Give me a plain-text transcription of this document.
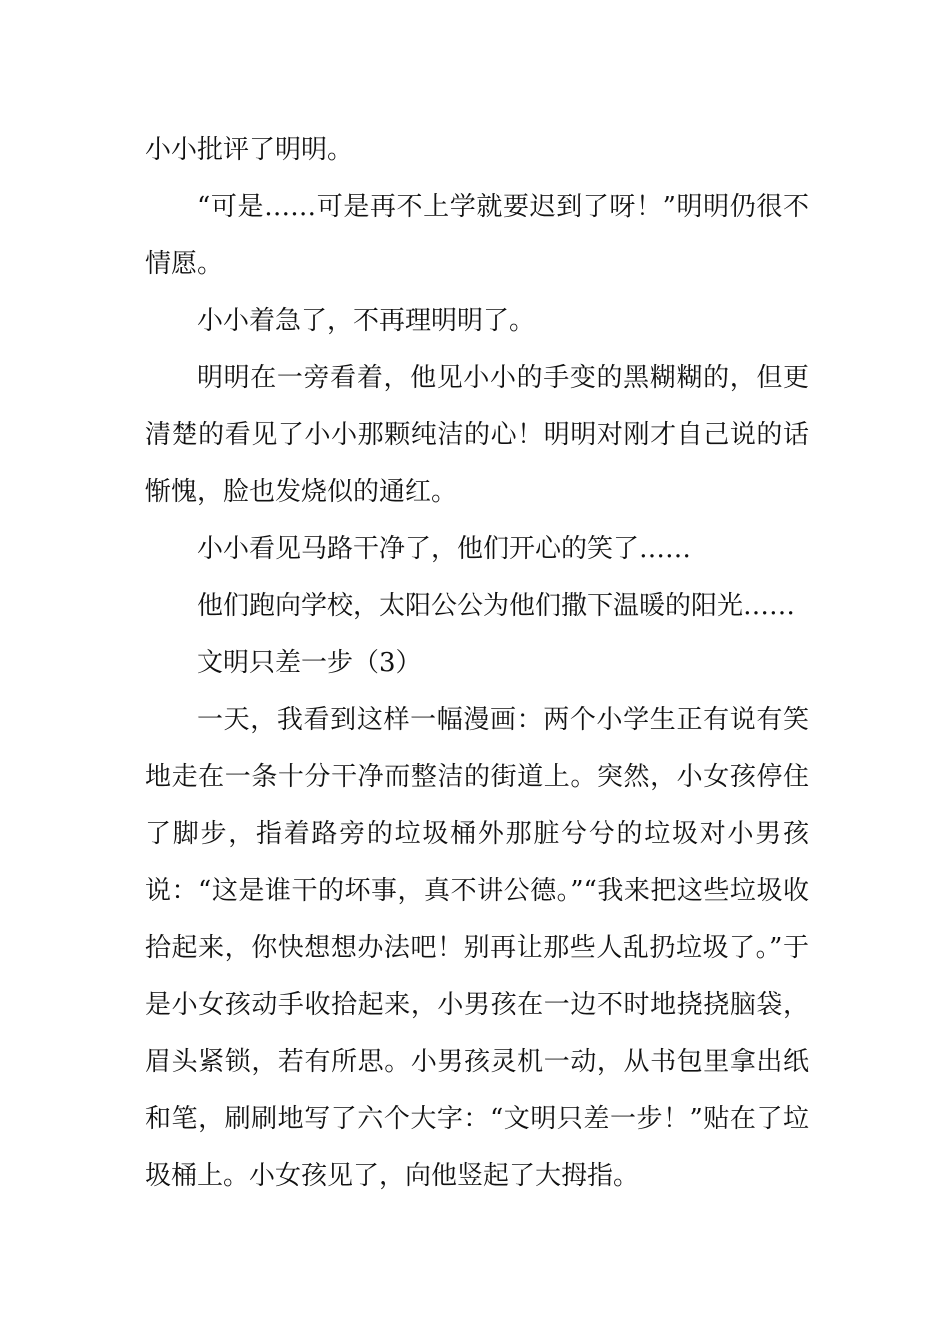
小小批评了明明。

“可是……可是再不上学就要迟到了呀！”明明仍很不情愿。

小小着急了，不再理明明了。

明明在一旁看着，他见小小的手变的黑糊糊的，但更清楚的看见了小小那颗纯洁的心！明明对刚才自己说的话惭愧，脸也发烧似的通红。

小小看见马路干净了，他们开心的笑了……

他们跑向学校，太阳公公为他们撒下温暖的阳光……

文明只差一步（3）

一天，我看到这样一幅漫画：两个小学生正有说有笑地走在一条十分干净而整洁的街道上。突然，小女孩停住了脚步，指着路旁的垃圾桶外那脏兮兮的垃圾对小男孩说：“这是谁干的坏事，真不讲公德。”“我来把这些垃圾收拾起来，你快想想办法吧！别再让那些人乱扔垃圾了。”于是小女孩动手收拾起来，小男孩在一边不时地挠挠脑袋，眉头紧锁，若有所思。小男孩灵机一动，从书包里拿出纸和笔，刷刷地写了六个大字：“文明只差一步！”贴在了垃圾桶上。小女孩见了，向他竖起了大拇指。
